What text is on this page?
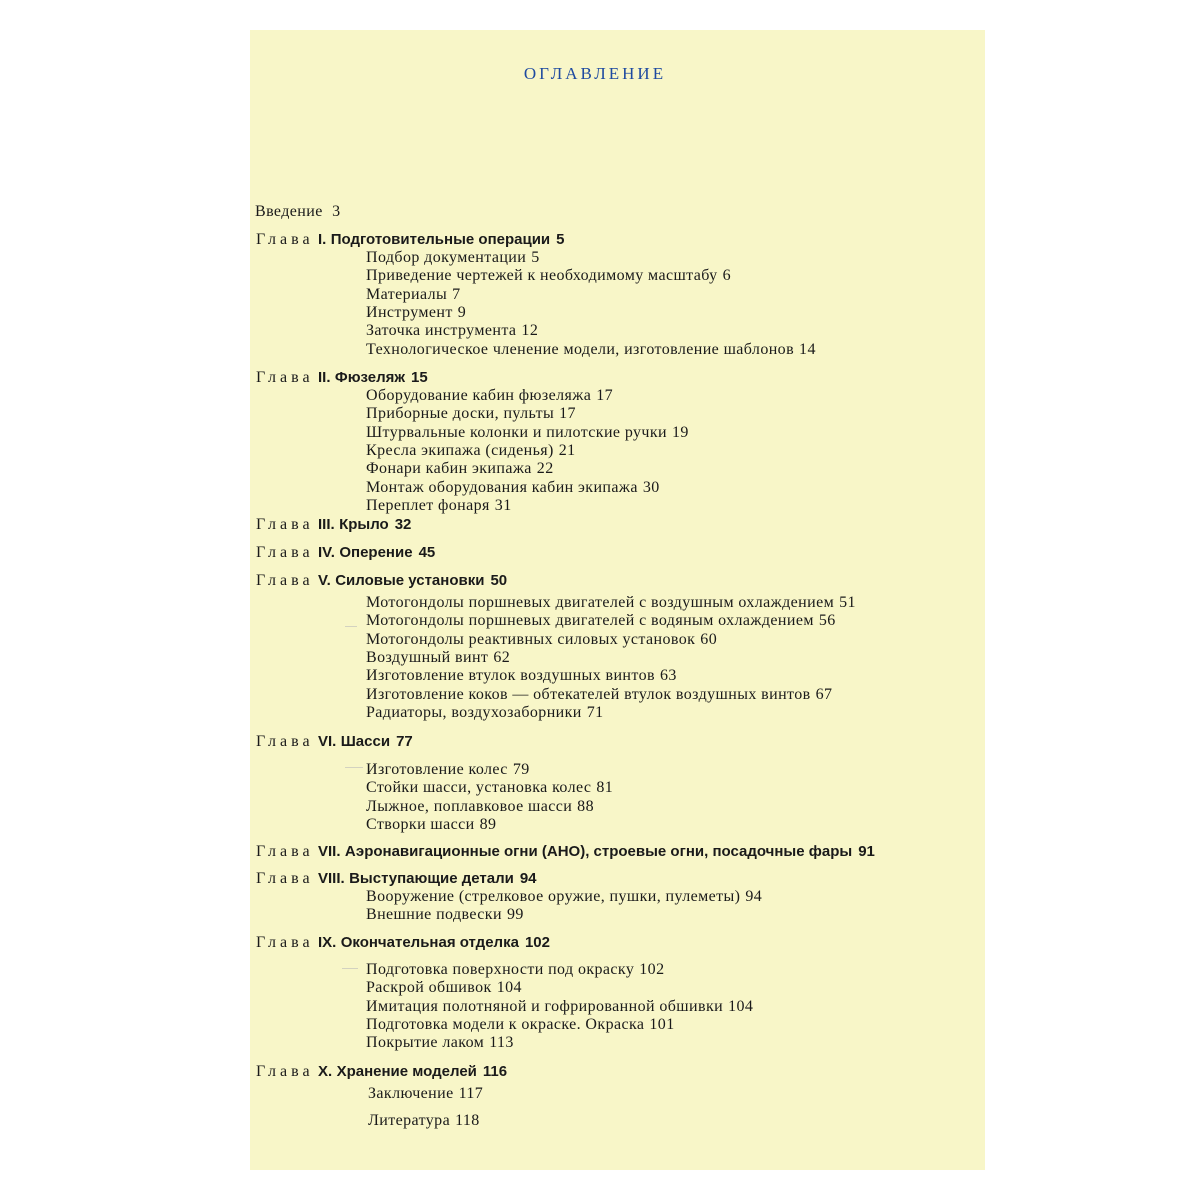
ОГЛАВЛЕНИЕ
Введение 3
Глава I. Подготовительные операции 5
Подбор документации 5
Приведение чертежей к необходимому масштабу 6
Материалы 7
Инструмент 9
Заточка инструмента 12
Технологическое членение модели, изготовление шаблонов 14
Глава II. Фюзеляж 15
Оборудование кабин фюзеляжа 17
Приборные доски, пульты 17
Штурвальные колонки и пилотские ручки 19
Кресла экипажа (сиденья) 21
Фонари кабин экипажа 22
Монтаж оборудования кабин экипажа 30
Переплет фонаря 31
Глава III. Крыло 32
Глава IV. Оперение 45
Глава V. Силовые установки 50
Мотогондолы поршневых двигателей с воздушным охлаждением 51
Мотогондолы поршневых двигателей с водяным охлаждением 56
Мотогондолы реактивных силовых установок 60
Воздушный винт 62
Изготовление втулок воздушных винтов 63
Изготовление коков — обтекателей втулок воздушных винтов 67
Радиаторы, воздухозаборники 71
Глава VI. Шасси 77
Изготовление колес 79
Стойки шасси, установка колес 81
Лыжное, поплавковое шасси 88
Створки шасси 89
Глава VII. Аэронавигационные огни (АНО), строевые огни, посадочные фары 91
Глава VIII. Выступающие детали 94
Вооружение (стрелковое оружие, пушки, пулеметы) 94
Внешние подвески 99
Глава IX. Окончательная отделка 102
Подготовка поверхности под окраску 102
Раскрой обшивок 104
Имитация полотняной и гофрированной обшивки 104
Подготовка модели к окраске. Окраска 101
Покрытие лаком 113
Глава X. Хранение моделей 116
Заключение 117
Литература 118
